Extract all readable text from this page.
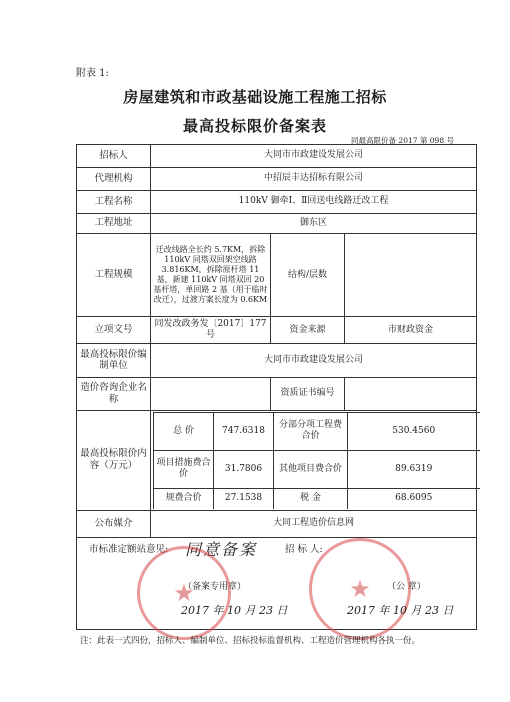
附表 1:
房屋建筑和市政基础设施工程施工招标
最高投标限价备案表
同最高限价备 2017 第 098 号
招标人	大同市市政建设发展公司
代理机构	中招辰丰达招标有限公司
工程名称	110kV 御牵Ⅰ、Ⅱ回送电线路迁改工程
工程地址	御东区
工程规模	迁改线路全长约 5.7KM，拆除 110kV 同塔双回架空线路 3.816KM，拆除原杆塔 11 基，新建 110kV 同塔双回 20 基杆塔，单回路 2 基（用于临时改迁），过渡方案长度为 0.6KM	结构/层数	
立项文号	同发改政务发〔2017〕177 号	资金来源	市财政资金
最高投标限价编制单位	大同市市政建设发展公司
造价咨询企业名称		资质证书编号	
最高投标限价内容（万元）	
总 价	747.6318	分部分项工程费合价	530.4560
项目措施费合价	31.7806	其他项目费合价	89.6319
规费合价	27.1538	税 金	68.6095

公布媒介	大同工程造价信息网

市标准定额站意见: 同意备案
★
（备案专用章）
2017 年 10 月 23 日
招 标 人:
★ （公 章）
2017 年 10 月 23 日
注：此表一式四份，招标人、编制单位、招标投标监督机构、工程造价管理机构各执一份。
